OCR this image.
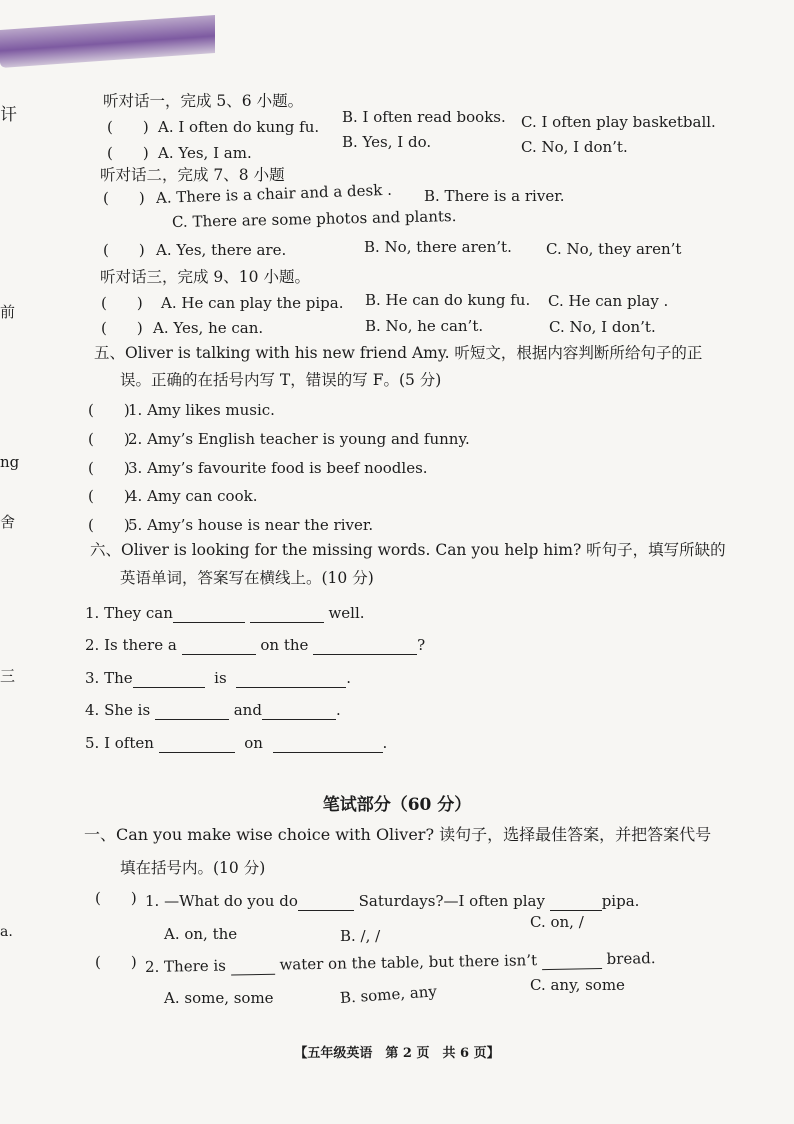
讦
前
ng
舍
三
a.
听对话一，完成 5、6 小题。
(　　) A. I often do kung fu.
B. I often read books. C. I often play basketball.
(　　) A. Yes, I am.
B. Yes, I do.	C. No, I don’t.
听对话二，完成 7、8 小题
(　　) A. There is a chair and a desk . B. There is a river.
C. There are some photos and plants.
(　　) A. Yes, there are.	B. No, there aren’t. C. No, they aren’t
听对话三，完成 9、10 小题。
(　　) A. He can play the pipa. B. He can do kung fu. C. He can play .
(　　) A. Yes, he can.	B. No, he can’t.	C. No, I don’t.
五、Oliver is talking with his new friend Amy. 听短文，根据内容判断所给句子的正
误。正确的在括号内写 T，错误的写 F。(5 分)
(　　)
1. Amy likes music.
(　　)
2. Amy’s English teacher is young and funny.
(　　)
3. Amy’s favourite food is beef noodles.
(　　)
4. Amy can cook.
(　　)
5. Amy’s house is near the river.
六、Oliver is looking for the missing words. Can you help him? 听句子，填写所缺的
英语单词，答案写在横线上。(10 分)
1. They can	well.
2. Is there a	on the	?
3. The	is	.
4. She is	and	.
5. I often	on	.
笔试部分（60 分）
一、Can you make wise choice with Oliver? 读句子，选择最佳答案，并把答案代号
填在括号内。(10 分)
(　　) 1. —What do you do	Saturdays?—I often play	pipa.
A. on, the	B. /, /
C. on, /
(　　) 2. There is	water on the table, but there isn’t	bread.
A. some, some	B. some, any	C. any, some
【五年级英语　第 2 页　共 6 页】
